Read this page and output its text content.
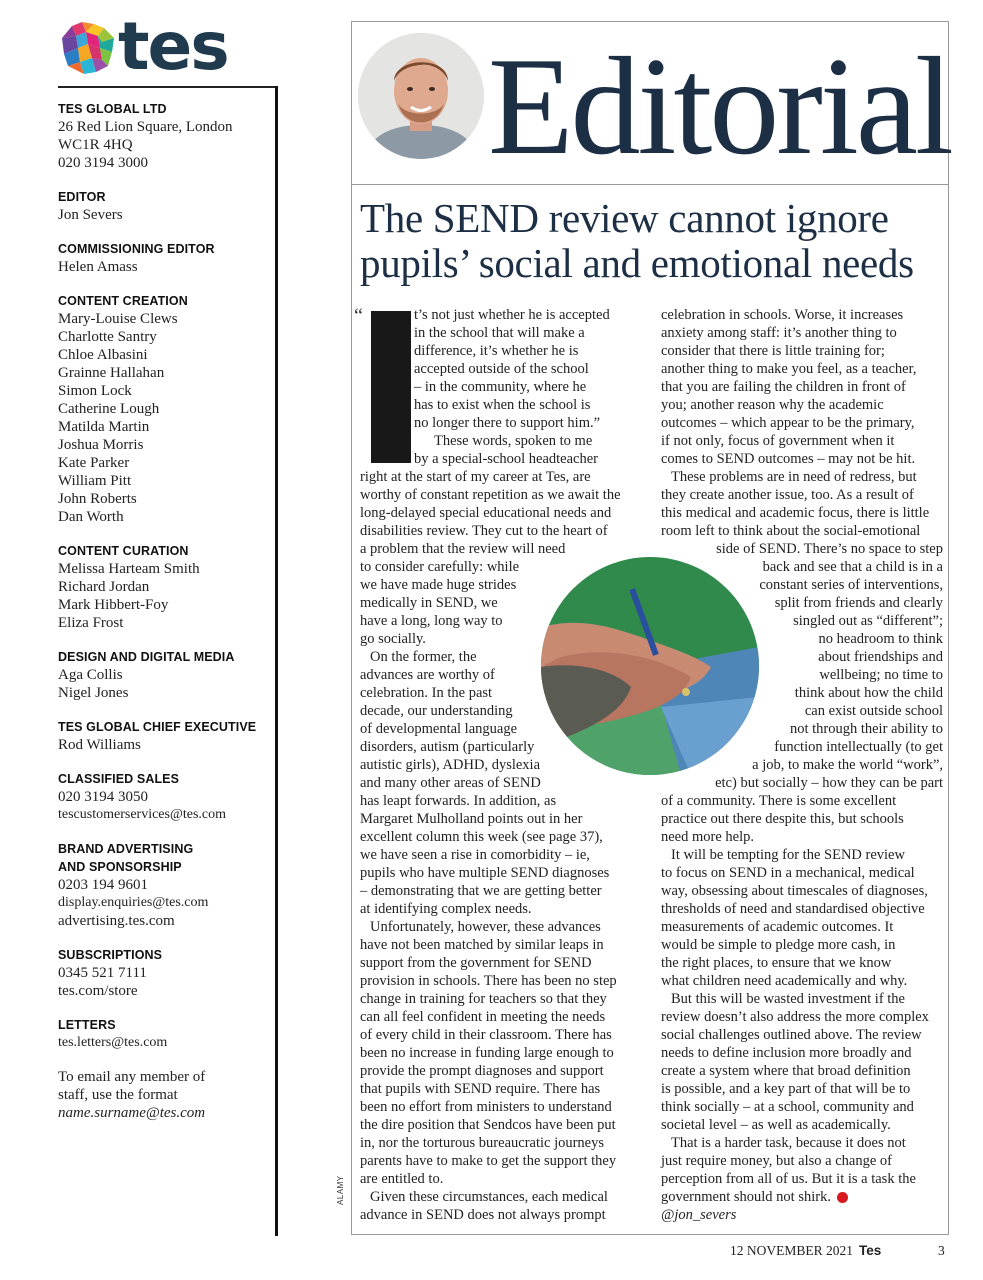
tes
TES GLOBAL LTD
26 Red Lion Square, London
WC1R 4HQ
020 3194 3000
EDITOR
Jon Severs
COMMISSIONING EDITOR
Helen Amass
CONTENT CREATION
Mary-Louise Clews
Charlotte Santry
Chloe Albasini
Grainne Hallahan
Simon Lock
Catherine Lough
Matilda Martin
Joshua Morris
Kate Parker
William Pitt
John Roberts
Dan Worth
CONTENT CURATION
Melissa Harteam Smith
Richard Jordan
Mark Hibbert-Foy
Eliza Frost
DESIGN AND DIGITAL MEDIA
Aga Collis
Nigel Jones
TES GLOBAL CHIEF EXECUTIVE
Rod Williams
CLASSIFIED SALES
020 3194 3050
tescustomerservices@tes.com
BRAND ADVERTISING
AND SPONSORSHIP
0203 194 9601
display.enquiries@tes.com
advertising.tes.com
SUBSCRIPTIONS
0345 521 7111
tes.com/store
LETTERS
tes.letters@tes.com
To email any member of
staff, use the format
name.surname@tes.com
Editorial
The SEND review cannot ignore
pupils’ social and emotional needs
“
ALAMY
t’s not just whether he is accepted
in the school that will make a
difference, it’s whether he is
accepted outside of the school
– in the community, where he
has to exist when the school is
no longer there to support him.”
These words, spoken to me
by a special-school headteacher
right at the start of my career at Tes, are
worthy of constant repetition as we await the
long-delayed special educational needs and
disabilities review. They cut to the heart of
a problem that the review will need
to consider carefully: while
we have made huge strides
medically in SEND, we
have a long, long way to
go socially.
On the former, the
advances are worthy of
celebration. In the past
decade, our understanding
of developmental language
disorders, autism (particularly
autistic girls), ADHD, dyslexia
and many other areas of SEND
has leapt forwards. In addition, as
Margaret Mulholland points out in her
excellent column this week (see page 37),
we have seen a rise in comorbidity – ie,
pupils who have multiple SEND diagnoses
– demonstrating that we are getting better
at identifying complex needs.
Unfortunately, however, these advances
have not been matched by similar leaps in
support from the government for SEND
provision in schools. There has been no step
change in training for teachers so that they
can all feel confident in meeting the needs
of every child in their classroom. There has
been no increase in funding large enough to
provide the prompt diagnoses and support
that pupils with SEND require. There has
been no effort from ministers to understand
the dire position that Sendcos have been put
in, nor the torturous bureaucratic journeys
parents have to make to get the support they
are entitled to.
Given these circumstances, each medical
advance in SEND does not always prompt
celebration in schools. Worse, it increases
anxiety among staff: it’s another thing to
consider that there is little training for;
another thing to make you feel, as a teacher,
that you are failing the children in front of
you; another reason why the academic
outcomes – which appear to be the primary,
if not only, focus of government when it
comes to SEND outcomes – may not be hit.
These problems are in need of redress, but
they create another issue, too. As a result of
this medical and academic focus, there is little
room left to think about the social-emotional
side of SEND. There’s no space to step
back and see that a child is in a
constant series of interventions,
split from friends and clearly
singled out as “different”;
no headroom to think
about friendships and
wellbeing; no time to
think about how the child
can exist outside school
not through their ability to
function intellectually (to get
a job, to make the world “work”,
etc) but socially – how they can be part
of a community. There is some excellent
practice out there despite this, but schools
need more help.
It will be tempting for the SEND review
to focus on SEND in a mechanical, medical
way, obsessing about timescales of diagnoses,
thresholds of need and standardised objective
measurements of academic outcomes. It
would be simple to pledge more cash, in
the right places, to ensure that we know
what children need academically and why.
But this will be wasted investment if the
review doesn’t also address the more complex
social challenges outlined above. The review
needs to define inclusion more broadly and
create a system where that broad definition
is possible, and a key part of that will be to
think socially – at a school, community and
societal level – as well as academically.
That is a harder task, because it does not
just require money, but also a change of
perception from all of us. But it is a task the
government should not shirk.
@jon_severs
12 NOVEMBER 2021 Tes	3
